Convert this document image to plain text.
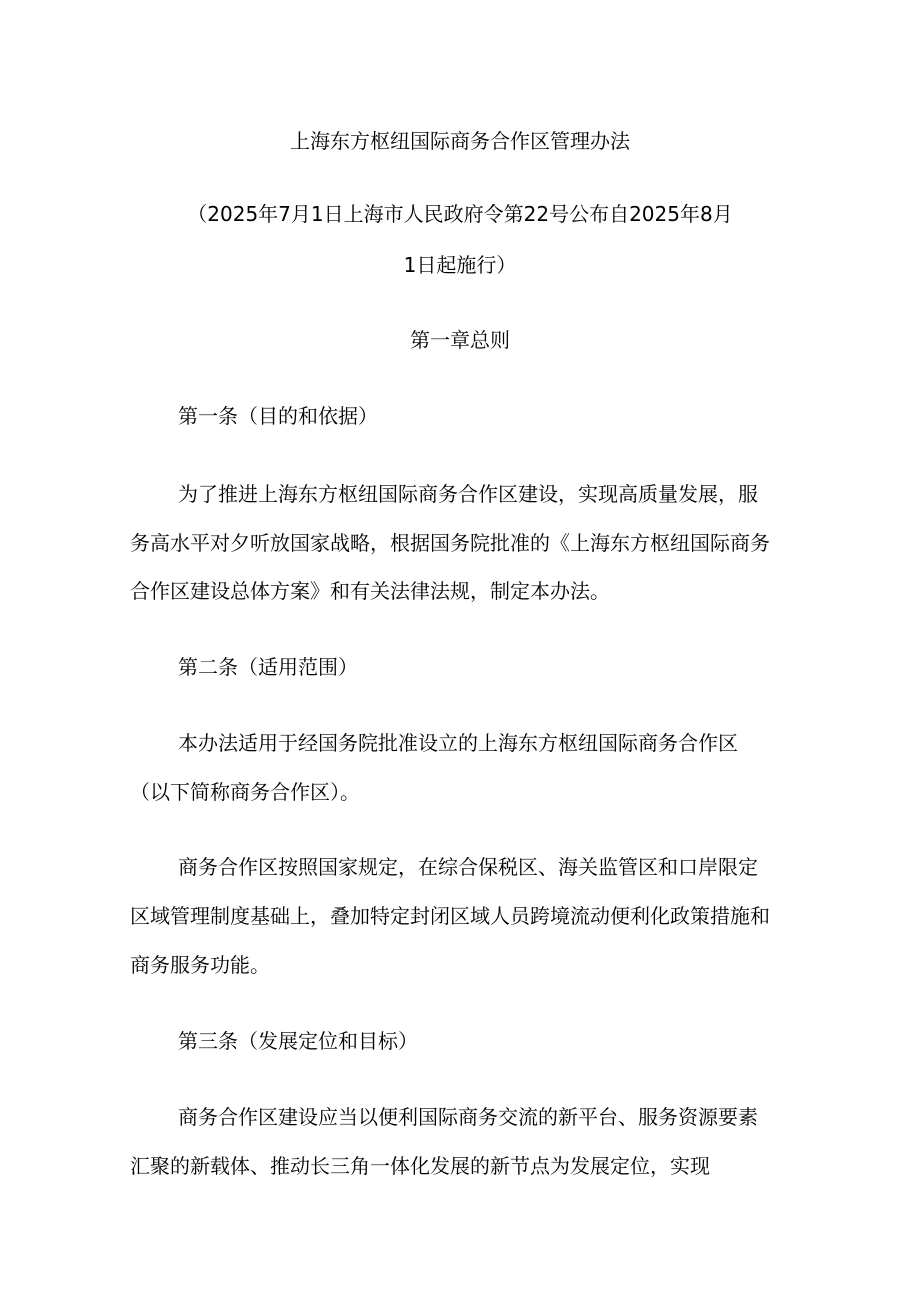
上海东方枢纽国际商务合作区管理办法
（2025年7月1日上海市人民政府令第22号公布自2025年8月
1日起施行）
第一章总则
第一条（目的和依据）
为了推进上海东方枢纽国际商务合作区建设，实现高质量发展，服
务高水平对夕听放国家战略，根据国务院批准的《上海东方枢纽国际商务
合作区建设总体方案》和有关法律法规，制定本办法。
第二条（适用范围）
本办法适用于经国务院批准设立的上海东方枢纽国际商务合作区
（以下简称商务合作区）。
商务合作区按照国家规定，在综合保税区、海关监管区和口岸限定
区域管理制度基础上，叠加特定封闭区域人员跨境流动便利化政策措施和
商务服务功能。
第三条（发展定位和目标）
商务合作区建设应当以便利国际商务交流的新平台、服务资源要素
汇聚的新载体、推动长三角一体化发展的新节点为发展定位，实现
